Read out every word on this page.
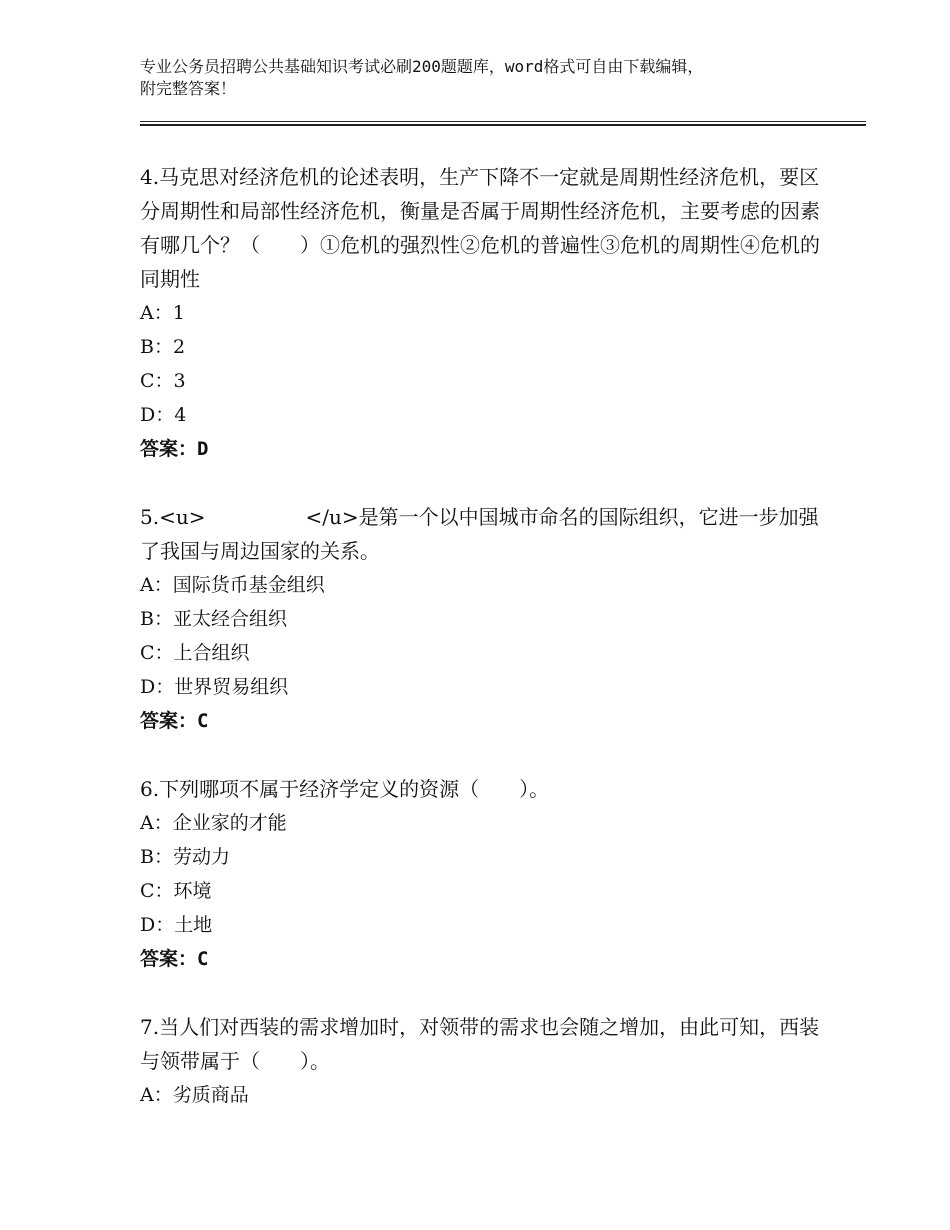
专业公务员招聘公共基础知识考试必刷200题题库，word格式可自由下载编辑，
附完整答案！

4.马克思对经济危机的论述表明，生产下降不一定就是周期性经济危机，要区分周期性和局部性经济危机，衡量是否属于周期性经济危机，主要考虑的因素有哪几个？（　　）①危机的强烈性②危机的普遍性③危机的周期性④危机的同期性

A：1
B：2
C：3
D：4
答案：D

5.<u>　　　　　</u>是第一个以中国城市命名的国际组织，它进一步加强了我国与周边国家的关系。

A：国际货币基金组织
B：亚太经合组织
C：上合组织
D：世界贸易组织
答案：C

6.下列哪项不属于经济学定义的资源（　　）。

A：企业家的才能
B：劳动力
C：环境
D：土地
答案：C

7.当人们对西装的需求增加时，对领带的需求也会随之增加，由此可知，西装与领带属于（　　）。

A：劣质商品
